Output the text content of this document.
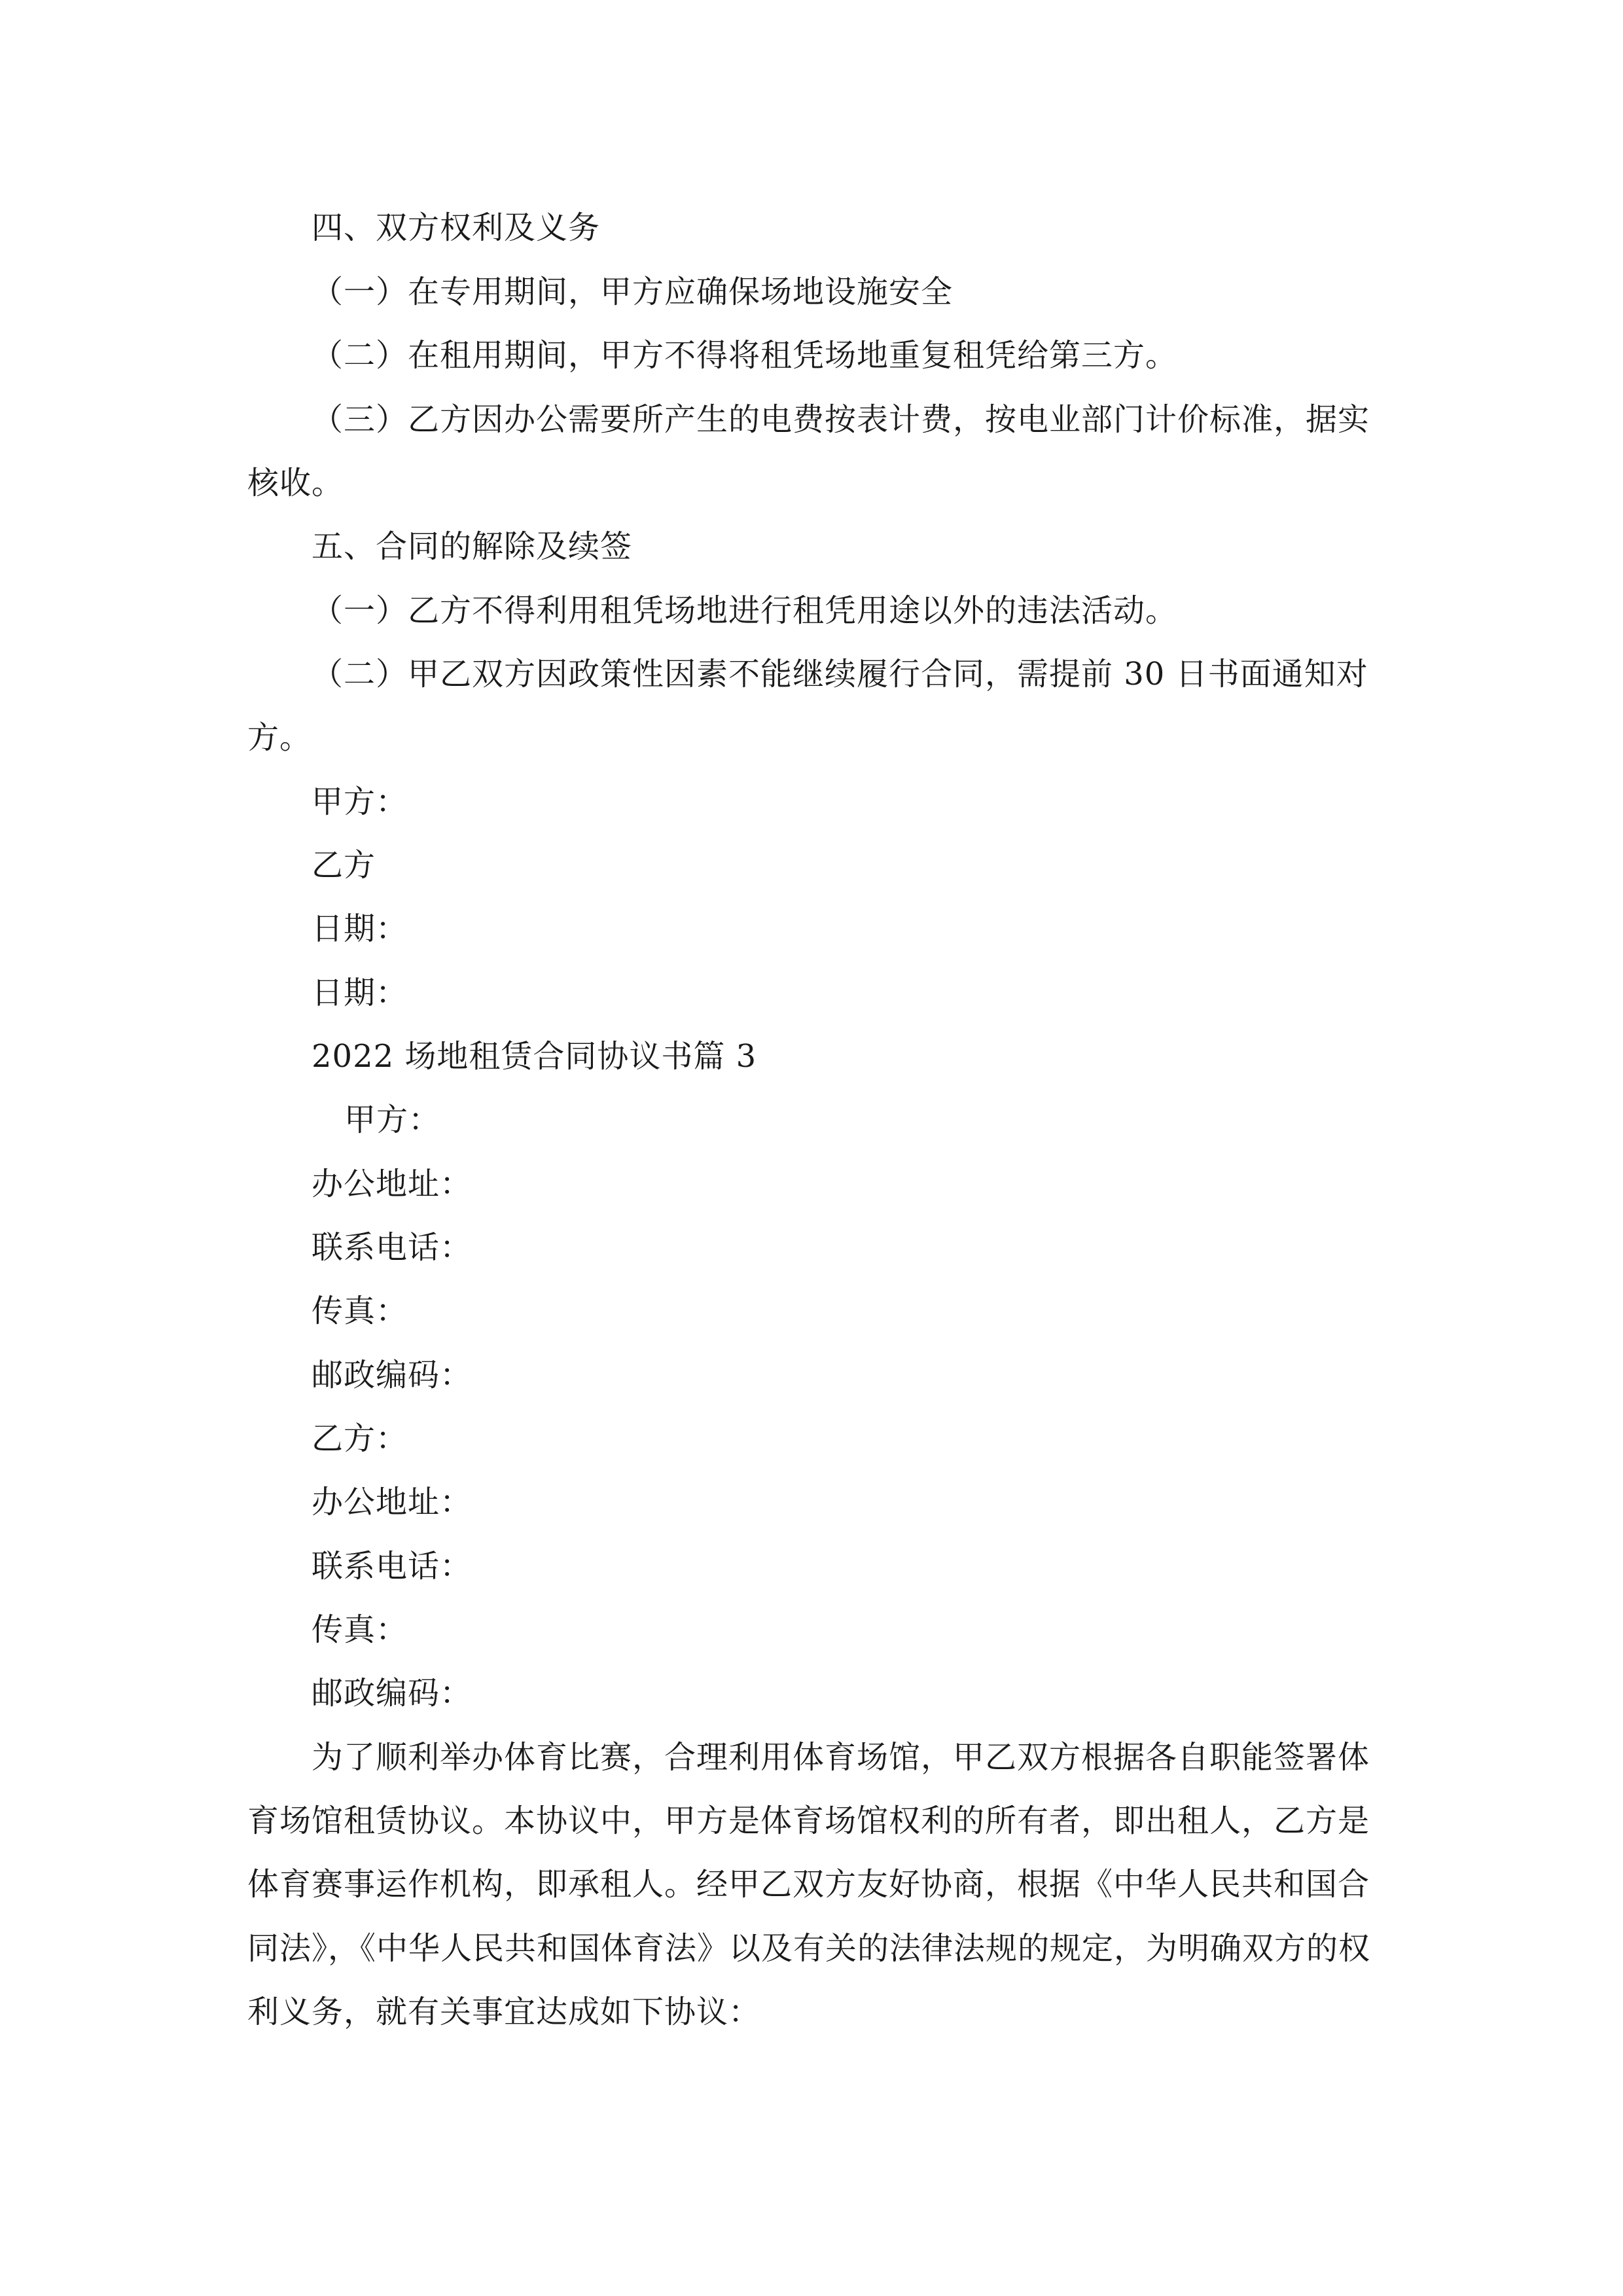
四、双方权利及义务
（一）在专用期间，甲方应确保场地设施安全
（二）在租用期间，甲方不得将租凭场地重复租凭给第三方。
（三）乙方因办公需要所产生的电费按表计费，按电业部门计价标准，据实
核收。
五、合同的解除及续签
（一）乙方不得利用租凭场地进行租凭用途以外的违法活动。
（二）甲乙双方因政策性因素不能继续履行合同，需提前 30 日书面通知对
方。
甲方：
乙方
日期：
日期：
2022 场地租赁合同协议书篇 3
甲方：
办公地址：
联系电话：
传真：
邮政编码：
乙方：
办公地址：
联系电话：
传真：
邮政编码：
为了顺利举办体育比赛，合理利用体育场馆，甲乙双方根据各自职能签署体
育场馆租赁协议。本协议中，甲方是体育场馆权利的所有者，即出租人，乙方是
体育赛事运作机构，即承租人。经甲乙双方友好协商，根据《中华人民共和国合
同法》，《中华人民共和国体育法》以及有关的法律法规的规定，为明确双方的权
利义务，就有关事宜达成如下协议：
